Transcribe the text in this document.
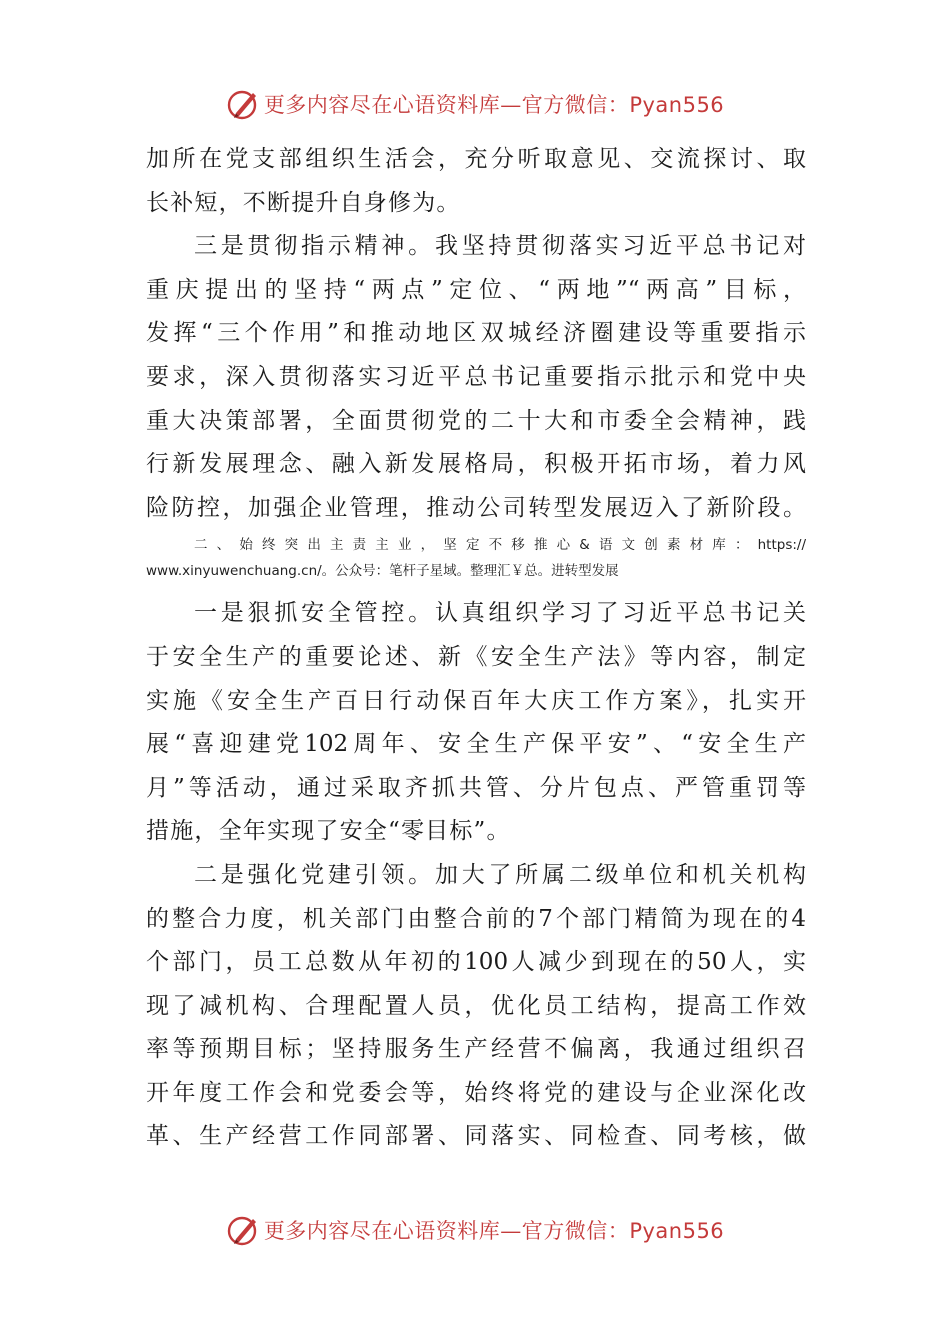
更多内容尽在心语资料库—官方微信：Pyan556
加所在党支部组织生活会，充分听取意见、交流探讨、取
长补短，不断提升自身修为。
三是贯彻指示精神。我坚持贯彻落实习近平总书记对
重庆提出的坚持“两点”定位、“两地”“两高”目标，
发挥“三个作用”和推动地区双城经济圈建设等重要指示
要求，深入贯彻落实习近平总书记重要指示批示和党中央
重大决策部署，全面贯彻党的二十大和市委全会精神，践
行新发展理念、融入新发展格局，积极开拓市场，着力风
险防控，加强企业管理，推动公司转型发展迈入了新阶段。
二、始终突出主责主业，坚定不移推心&语文创素材库：https://
www.xinyuwenchuang.cn/。公众号：笔杆子星域。整理汇￥总。进转型发展
一是狠抓安全管控。认真组织学习了习近平总书记关
于安全生产的重要论述、新《安全生产法》等内容，制定
实施《安全生产百日行动保百年大庆工作方案》，扎实开
展“喜迎建党102周年、安全生产保平安”、“安全生产
月”等活动，通过采取齐抓共管、分片包点、严管重罚等
措施，全年实现了安全“零目标”。
二是强化党建引领。加大了所属二级单位和机关机构
的整合力度，机关部门由整合前的7个部门精简为现在的4
个部门，员工总数从年初的100人减少到现在的50人，实
现了减机构、合理配置人员，优化员工结构，提高工作效
率等预期目标；坚持服务生产经营不偏离，我通过组织召
开年度工作会和党委会等，始终将党的建设与企业深化改
革、生产经营工作同部署、同落实、同检查、同考核，做
更多内容尽在心语资料库—官方微信：Pyan556
